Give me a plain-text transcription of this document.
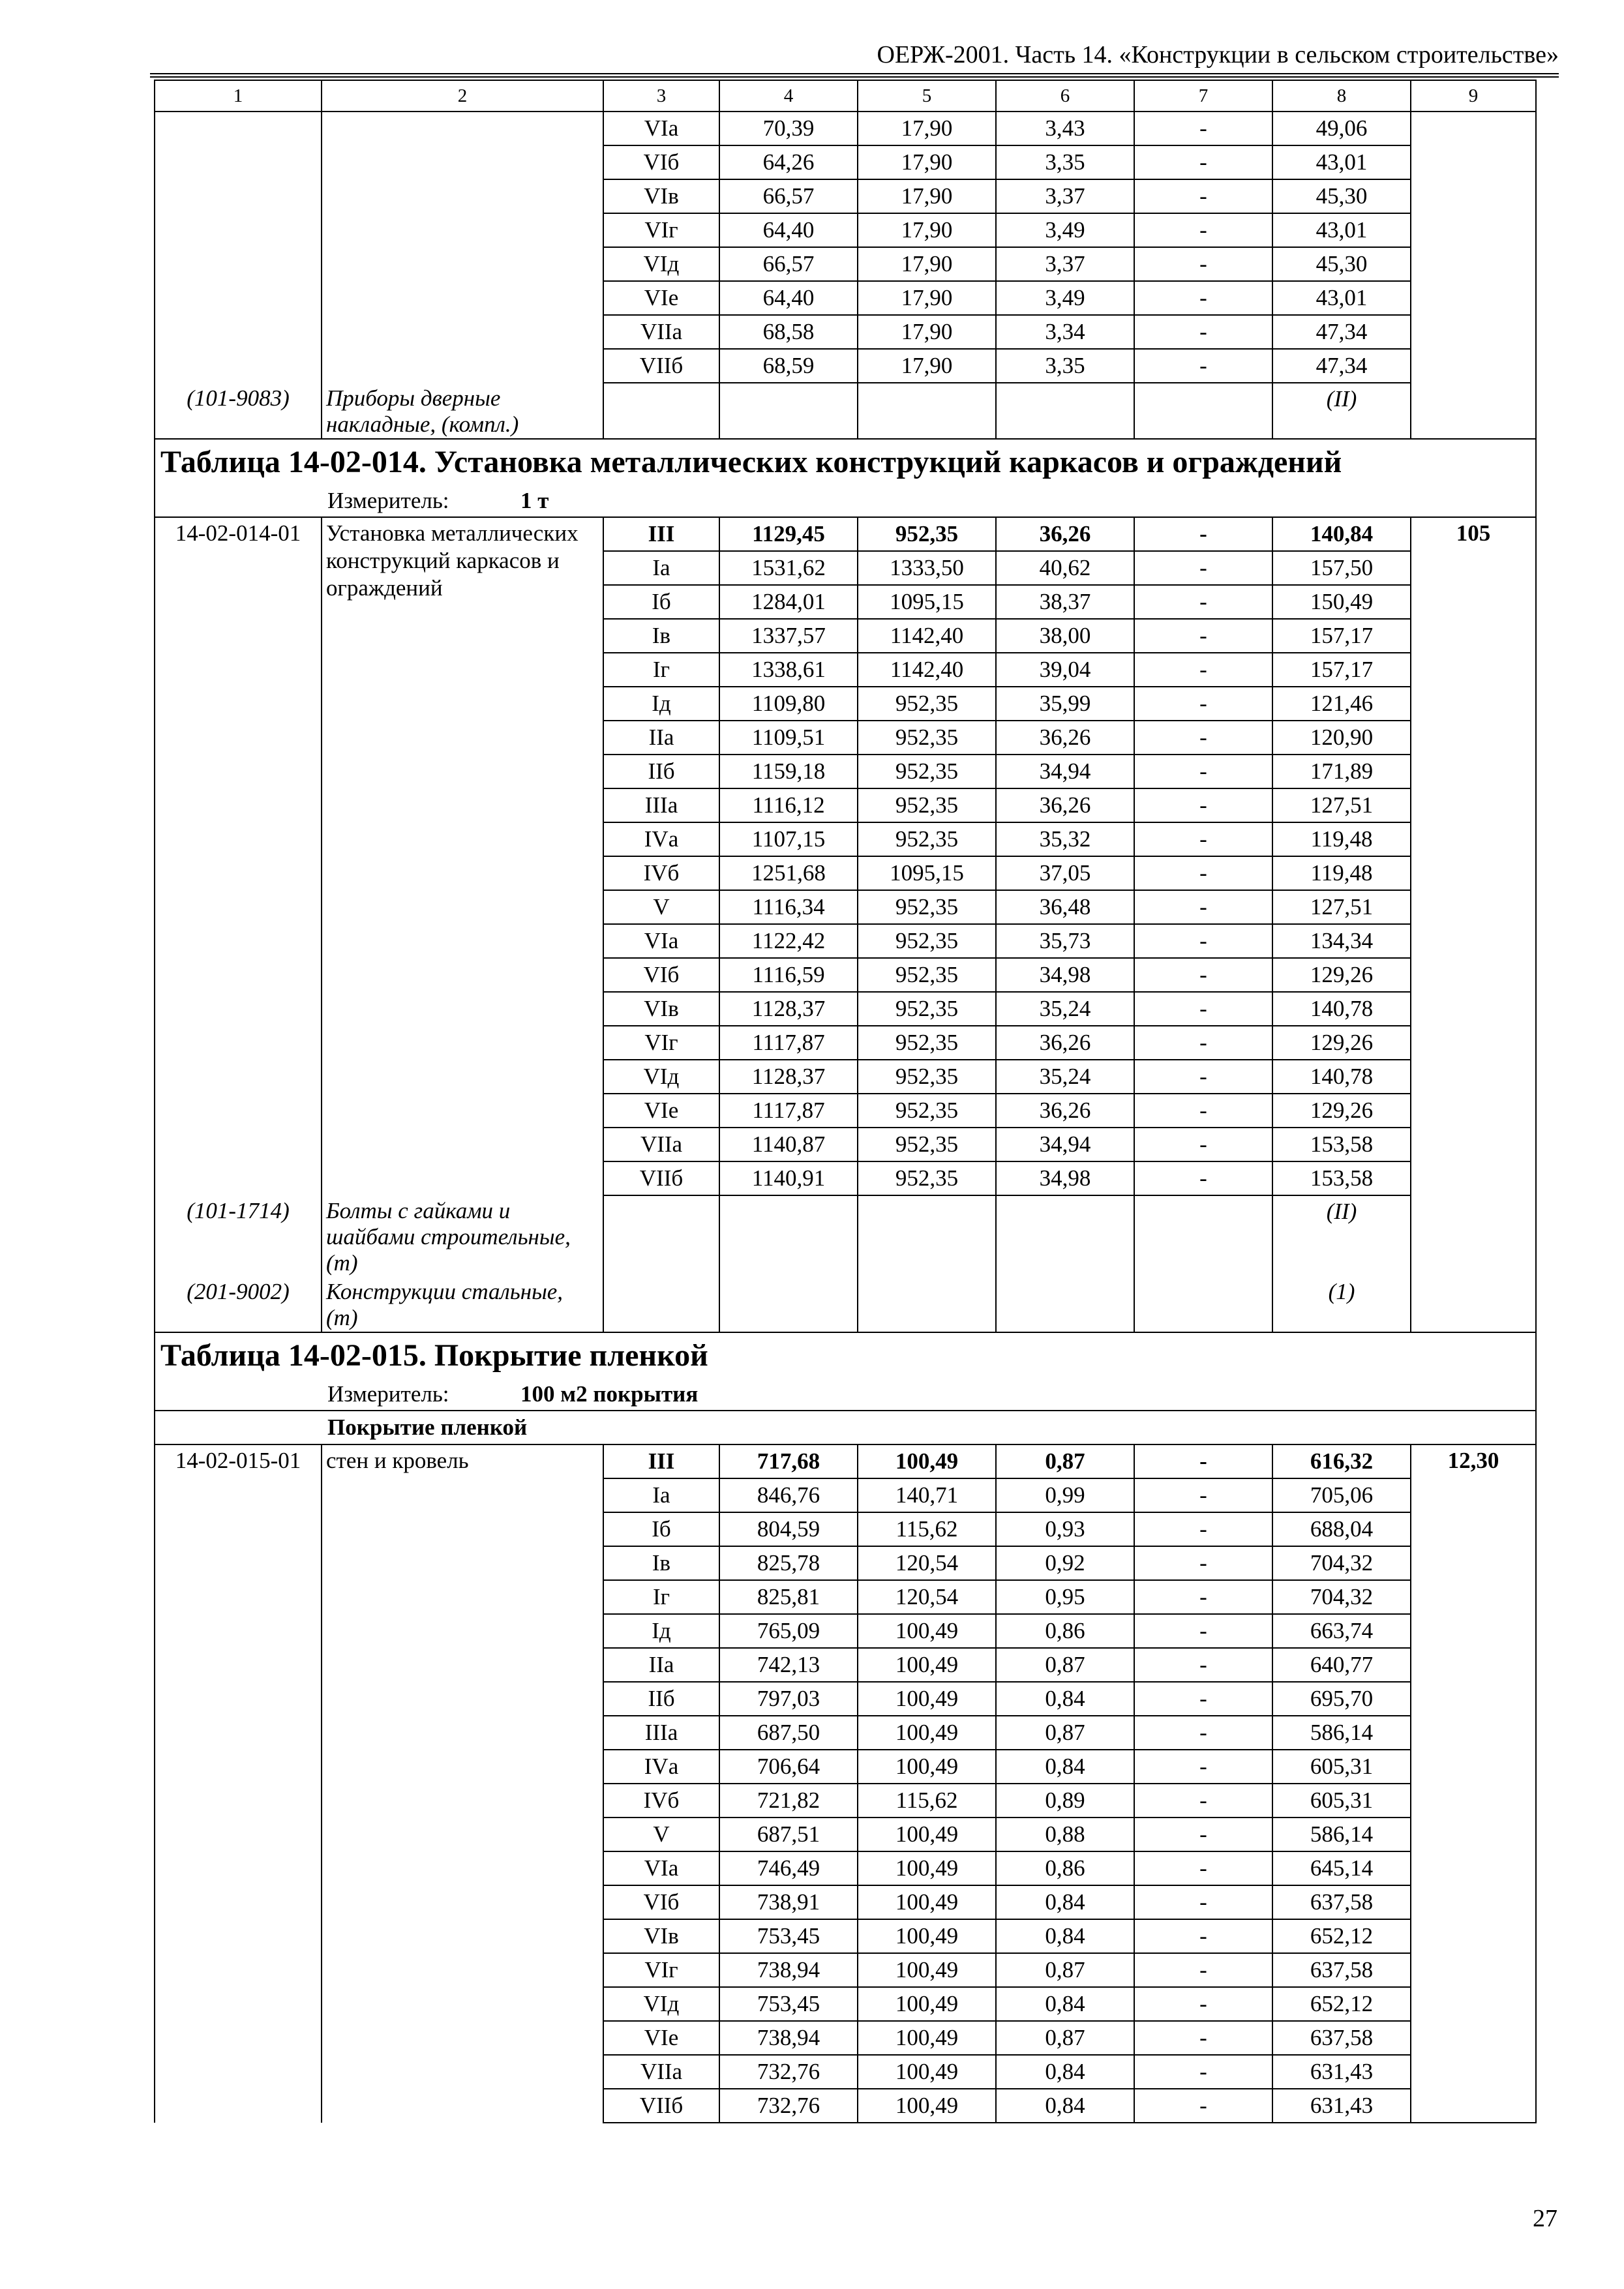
ОЕРЖ-2001. Часть 14. «Конструкции в сельском строительстве»
1	2	3	4	5	6	7	8	9
		VIа	70,39	17,90	3,43	-	49,06	
		VIб	64,26	17,90	3,35	-	43,01	
		VIв	66,57	17,90	3,37	-	45,30	
		VIг	64,40	17,90	3,49	-	43,01	
		VIд	66,57	17,90	3,37	-	45,30	
		VIе	64,40	17,90	3,49	-	43,01	
		VIIа	68,58	17,90	3,34	-	47,34	
		VIIб	68,59	17,90	3,35	-	47,34	
(101-9083)	Приборы дверные накладные, (компл.)						(II)	
Таблица 14-02-014. Установка металлических конструкций каркасов и ограждений								
Измеритель: 1 т								
14-02-014-01	Установка металлических конструкций каркасов и ограждений	III	1129,45	952,35	36,26	-	140,84	105
		Iа	1531,62	1333,50	40,62	-	157,50	
		Iб	1284,01	1095,15	38,37	-	150,49	
		Iв	1337,57	1142,40	38,00	-	157,17	
		Iг	1338,61	1142,40	39,04	-	157,17	
		Iд	1109,80	952,35	35,99	-	121,46	
		IIа	1109,51	952,35	36,26	-	120,90	
		IIб	1159,18	952,35	34,94	-	171,89	
		IIIа	1116,12	952,35	36,26	-	127,51	
		IVа	1107,15	952,35	35,32	-	119,48	
		IVб	1251,68	1095,15	37,05	-	119,48	
		V	1116,34	952,35	36,48	-	127,51	
		VIа	1122,42	952,35	35,73	-	134,34	
		VIб	1116,59	952,35	34,98	-	129,26	
		VIв	1128,37	952,35	35,24	-	140,78	
		VIг	1117,87	952,35	36,26	-	129,26	
		VIд	1128,37	952,35	35,24	-	140,78	
		VIе	1117,87	952,35	36,26	-	129,26	
		VIIа	1140,87	952,35	34,94	-	153,58	
		VIIб	1140,91	952,35	34,98	-	153,58	
(101-1714)	Болты с гайками и шайбами строительные, (т)						(II)	
(201-9002)	Конструкции стальные, (т)						(1)	
Таблица 14-02-015. Покрытие пленкой								
Измеритель: 100 м2 покрытия								
Покрытие пленкой								
14-02-015-01	стен и кровель	III	717,68	100,49	0,87	-	616,32	12,30
		Iа	846,76	140,71	0,99	-	705,06	
		Iб	804,59	115,62	0,93	-	688,04	
		Iв	825,78	120,54	0,92	-	704,32	
		Iг	825,81	120,54	0,95	-	704,32	
		Iд	765,09	100,49	0,86	-	663,74	
		IIа	742,13	100,49	0,87	-	640,77	
		IIб	797,03	100,49	0,84	-	695,70	
		IIIа	687,50	100,49	0,87	-	586,14	
		IVа	706,64	100,49	0,84	-	605,31	
		IVб	721,82	115,62	0,89	-	605,31	
		V	687,51	100,49	0,88	-	586,14	
		VIа	746,49	100,49	0,86	-	645,14	
		VIб	738,91	100,49	0,84	-	637,58	
		VIв	753,45	100,49	0,84	-	652,12	
		VIг	738,94	100,49	0,87	-	637,58	
		VIд	753,45	100,49	0,84	-	652,12	
		VIе	738,94	100,49	0,87	-	637,58	
		VIIа	732,76	100,49	0,84	-	631,43	
		VIIб	732,76	100,49	0,84	-	631,43	
27
